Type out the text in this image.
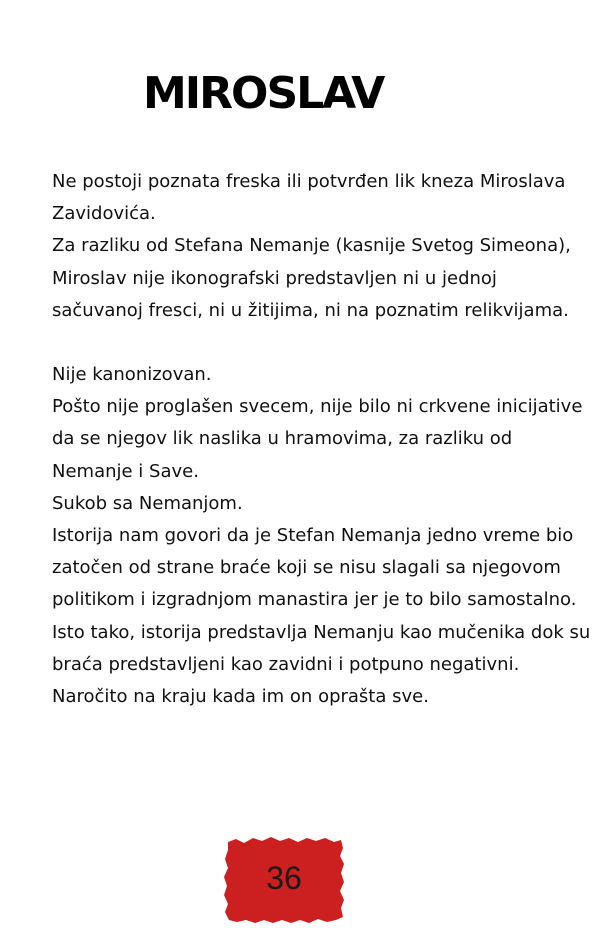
MIROSLAV

Ne postoji poznata freska ili potvrđen lik kneza Miroslava Zavidovića.

Za razliku od Stefana Nemanje (kasnije Svetog Simeona), Miroslav nije ikonografski predstavljen ni u jednoj sačuvanoj fresci, ni u žitijima, ni na poznatim relikvijama.

Nije kanonizovan.

Pošto nije proglašen svecem, nije bilo ni crkvene inicijative da se njegov lik naslika u hramovima, za razliku od Nemanje i Save.

Sukob sa Nemanjom.

Istorija nam govori da je Stefan Nemanja jedno vreme bio zatočen od strane braće koji se nisu slagali sa njegovom politikom i izgradnjom manastira jer je to bilo samostalno.

Isto tako, istorija predstavlja Nemanju kao mučenika dok su braća predstavljeni kao zavidni i potpuno negativni. Naročito na kraju kada im on oprašta sve.

36
